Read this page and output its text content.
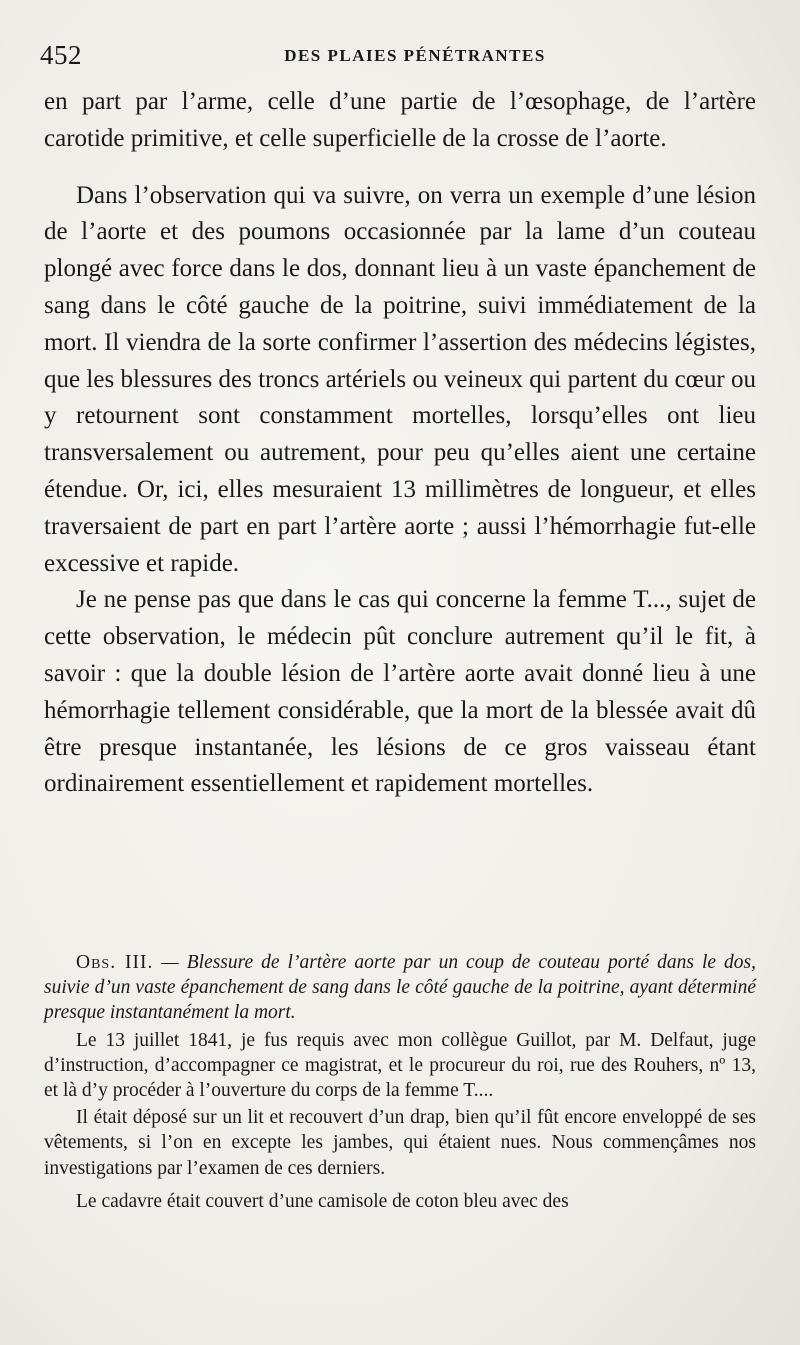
452	DES PLAIES PÉNÉTRANTES

en part par l’arme, celle d’une partie de l’œsophage, de l’artère carotide primitive, et celle superficielle de la crosse de l’aorte.

Dans l’observation qui va suivre, on verra un exemple d’une lésion de l’aorte et des poumons occasionnée par la lame d’un couteau plongé avec force dans le dos, donnant lieu à un vaste épanchement de sang dans le côté gauche de la poitrine, suivi immédiatement de la mort. Il viendra de la sorte confirmer l’assertion des médecins légistes, que les blessures des troncs artériels ou veineux qui partent du cœur ou y retournent sont constamment mortelles, lorsqu’elles ont lieu transversalement ou autrement, pour peu qu’elles aient une certaine étendue. Or, ici, elles mesuraient 13 millimètres de longueur, et elles traversaient de part en part l’artère aorte ; aussi l’hémorrhagie fut-elle excessive et rapide.

Je ne pense pas que dans le cas qui concerne la femme T..., sujet de cette observation, le médecin pût conclure autrement qu’il le fit, à savoir : que la double lésion de l’artère aorte avait donné lieu à une hémorrhagie tellement considérable, que la mort de la blessée avait dû être presque instantanée, les lésions de ce gros vaisseau étant ordinairement essentiellement et rapidement mortelles.

Obs. III. — Blessure de l’artère aorte par un coup de couteau porté dans le dos, suivie d’un vaste épanchement de sang dans le côté gauche de la poitrine, ayant déterminé presque instantanément la mort.

Le 13 juillet 1841, je fus requis avec mon collègue Guillot, par M. Delfaut, juge d’instruction, d’accompagner ce magistrat, et le procureur du roi, rue des Rouhers, nº 13, et là d’y procéder à l’ouverture du corps de la femme T....

Il était déposé sur un lit et recouvert d’un drap, bien qu’il fût encore enveloppé de ses vêtements, si l’on en excepte les jambes, qui étaient nues. Nous commençâmes nos investigations par l’examen de ces derniers.

Le cadavre était couvert d’une camisole de coton bleu avec des
